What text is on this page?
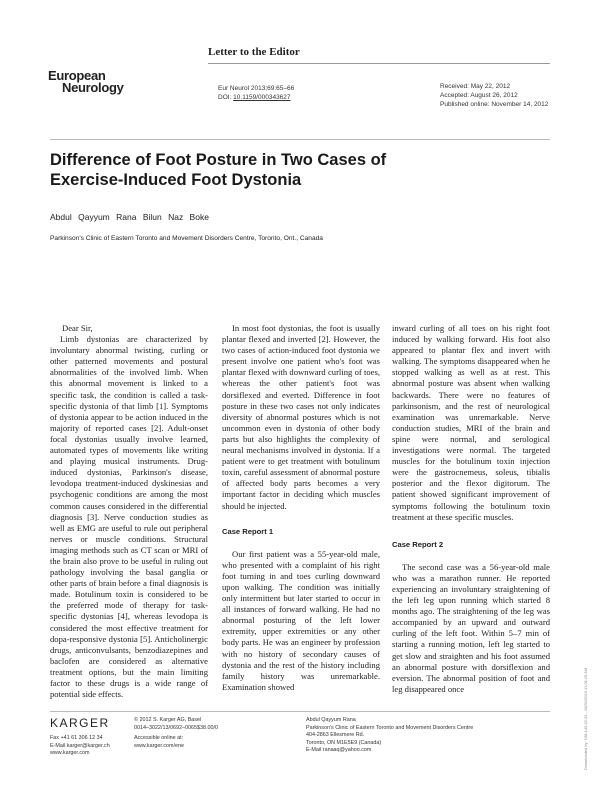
Letter to the Editor
European
Neurology	Eur Neurol 2013;69:65–66
DOI: 10.1159/000343627
Received: May 22, 2012
Accepted: August 26, 2012
Published online: November 14, 2012
Difference of Foot Posture in Two Cases of
Exercise-Induced Foot Dystonia
Abdul Qayyum Rana Bilun Naz Boke
Parkinson's Clinic of Eastern Toronto and Movement Disorders Centre, Toronto, Ont., Canada

Dear Sir,

Limb dystonias are characterized by involuntary abnormal twisting, curling or other patterned movements and postural abnormalities of the involved limb. When this abnormal movement is linked to a specific task, the condition is called a task-specific dystonia of that limb [1]. Symptoms of dystonia appear to be action induced in the majority of reported cases [2]. Adult-onset focal dystonias usually involve learned, automated types of movements like writing and playing musical instruments. Drug-induced dystonias, Parkinson's disease, levodopa treatment-induced dyskinesias and psychogenic conditions are among the most common causes considered in the differential diagnosis [3]. Nerve conduction studies as well as EMG are useful to rule out peripheral nerves or muscle conditions. Structural imaging methods such as CT scan or MRI of the brain also prove to be useful in ruling out pathology involving the basal ganglia or other parts of brain before a final diagnosis is made. Botulinum toxin is considered to be the preferred mode of therapy for task-specific dystonias [4], whereas levodopa is considered the most effective treatment for dopa-responsive dystonia [5]. Anticholinergic drugs, anticonvulsants, benzodiazepines and baclofen are considered as alternative treatment options, but the main limiting factor to these drugs is a wide range of potential side effects.

In most foot dystonias, the foot is usually plantar flexed and inverted [2]. However, the two cases of action-induced foot dystonia we present involve one patient who's foot was plantar flexed with downward curling of toes, whereas the other patient's foot was dorsiflexed and everted. Difference in foot posture in these two cases not only indicates diversity of abnormal postures which is not uncommon even in dystonia of other body parts but also highlights the complexity of neural mechanisms involved in dystonia. If a patient were to get treatment with botulinum toxin, careful assessment of abnormal posture of affected body parts becomes a very important factor in deciding which muscles should be injected.

Case Report 1

Our first patient was a 55-year-old male, who presented with a complaint of his right foot turning in and toes curling downward upon walking. The condition was initially only intermittent but later started to occur in all instances of forward walking. He had no abnormal posturing of the left lower extremity, upper extremities or any other body parts. He was an engineer by profession with no history of secondary causes of dystonia and the rest of the history including family history was unremarkable. Examination showed

inward curling of all toes on his right foot induced by walking forward. His foot also appeared to plantar flex and invert with walking. The symptoms disappeared when he stopped walking as well as at rest. This abnormal posture was absent when walking backwards. There were no features of parkinsonism, and the rest of neurological examination was unremarkable. Nerve conduction studies, MRI of the brain and spine were normal, and serological investigations were normal. The targeted muscles for the botulinum toxin injection were the gastrocnemeus, soleus, tibialis posterior and the flexor digitorum. The patient showed significant improvement of symptoms following the botulinum toxin treatment at these specific muscles.

Case Report 2

The second case was a 56-year-old male who was a marathon runner. He reported experiencing an involuntary straightening of the left leg upon running which started 8 months ago. The straightening of the leg was accompanied by an upward and outward curling of the left foot. Within 5–7 min of starting a running motion, left leg started to get slow and straighten and his foot assumed an abnormal posture with dorsiflexion and eversion. The abnormal position of foot and leg disappeared once

KARGER
Fax +41 61 306 12 34
E-Mail karger@karger.ch
www.karger.com
© 2012 S. Karger AG, Basel
0014–3022/13/0692–0065$38.00/0
Accessible online at:
www.karger.com/ene
Abdul Qayyum Rana
Parkinson's Clinic of Eastern Toronto and Movement Disorders Centre
404-2863 Ellesmere Rd.
Toronto, ON M1E5E9 (Canada)
E-Mail ranaaq@yahoo.com	Downloaded by: 198.143.32.33 - 10/31/2019 11:06:29 AM
